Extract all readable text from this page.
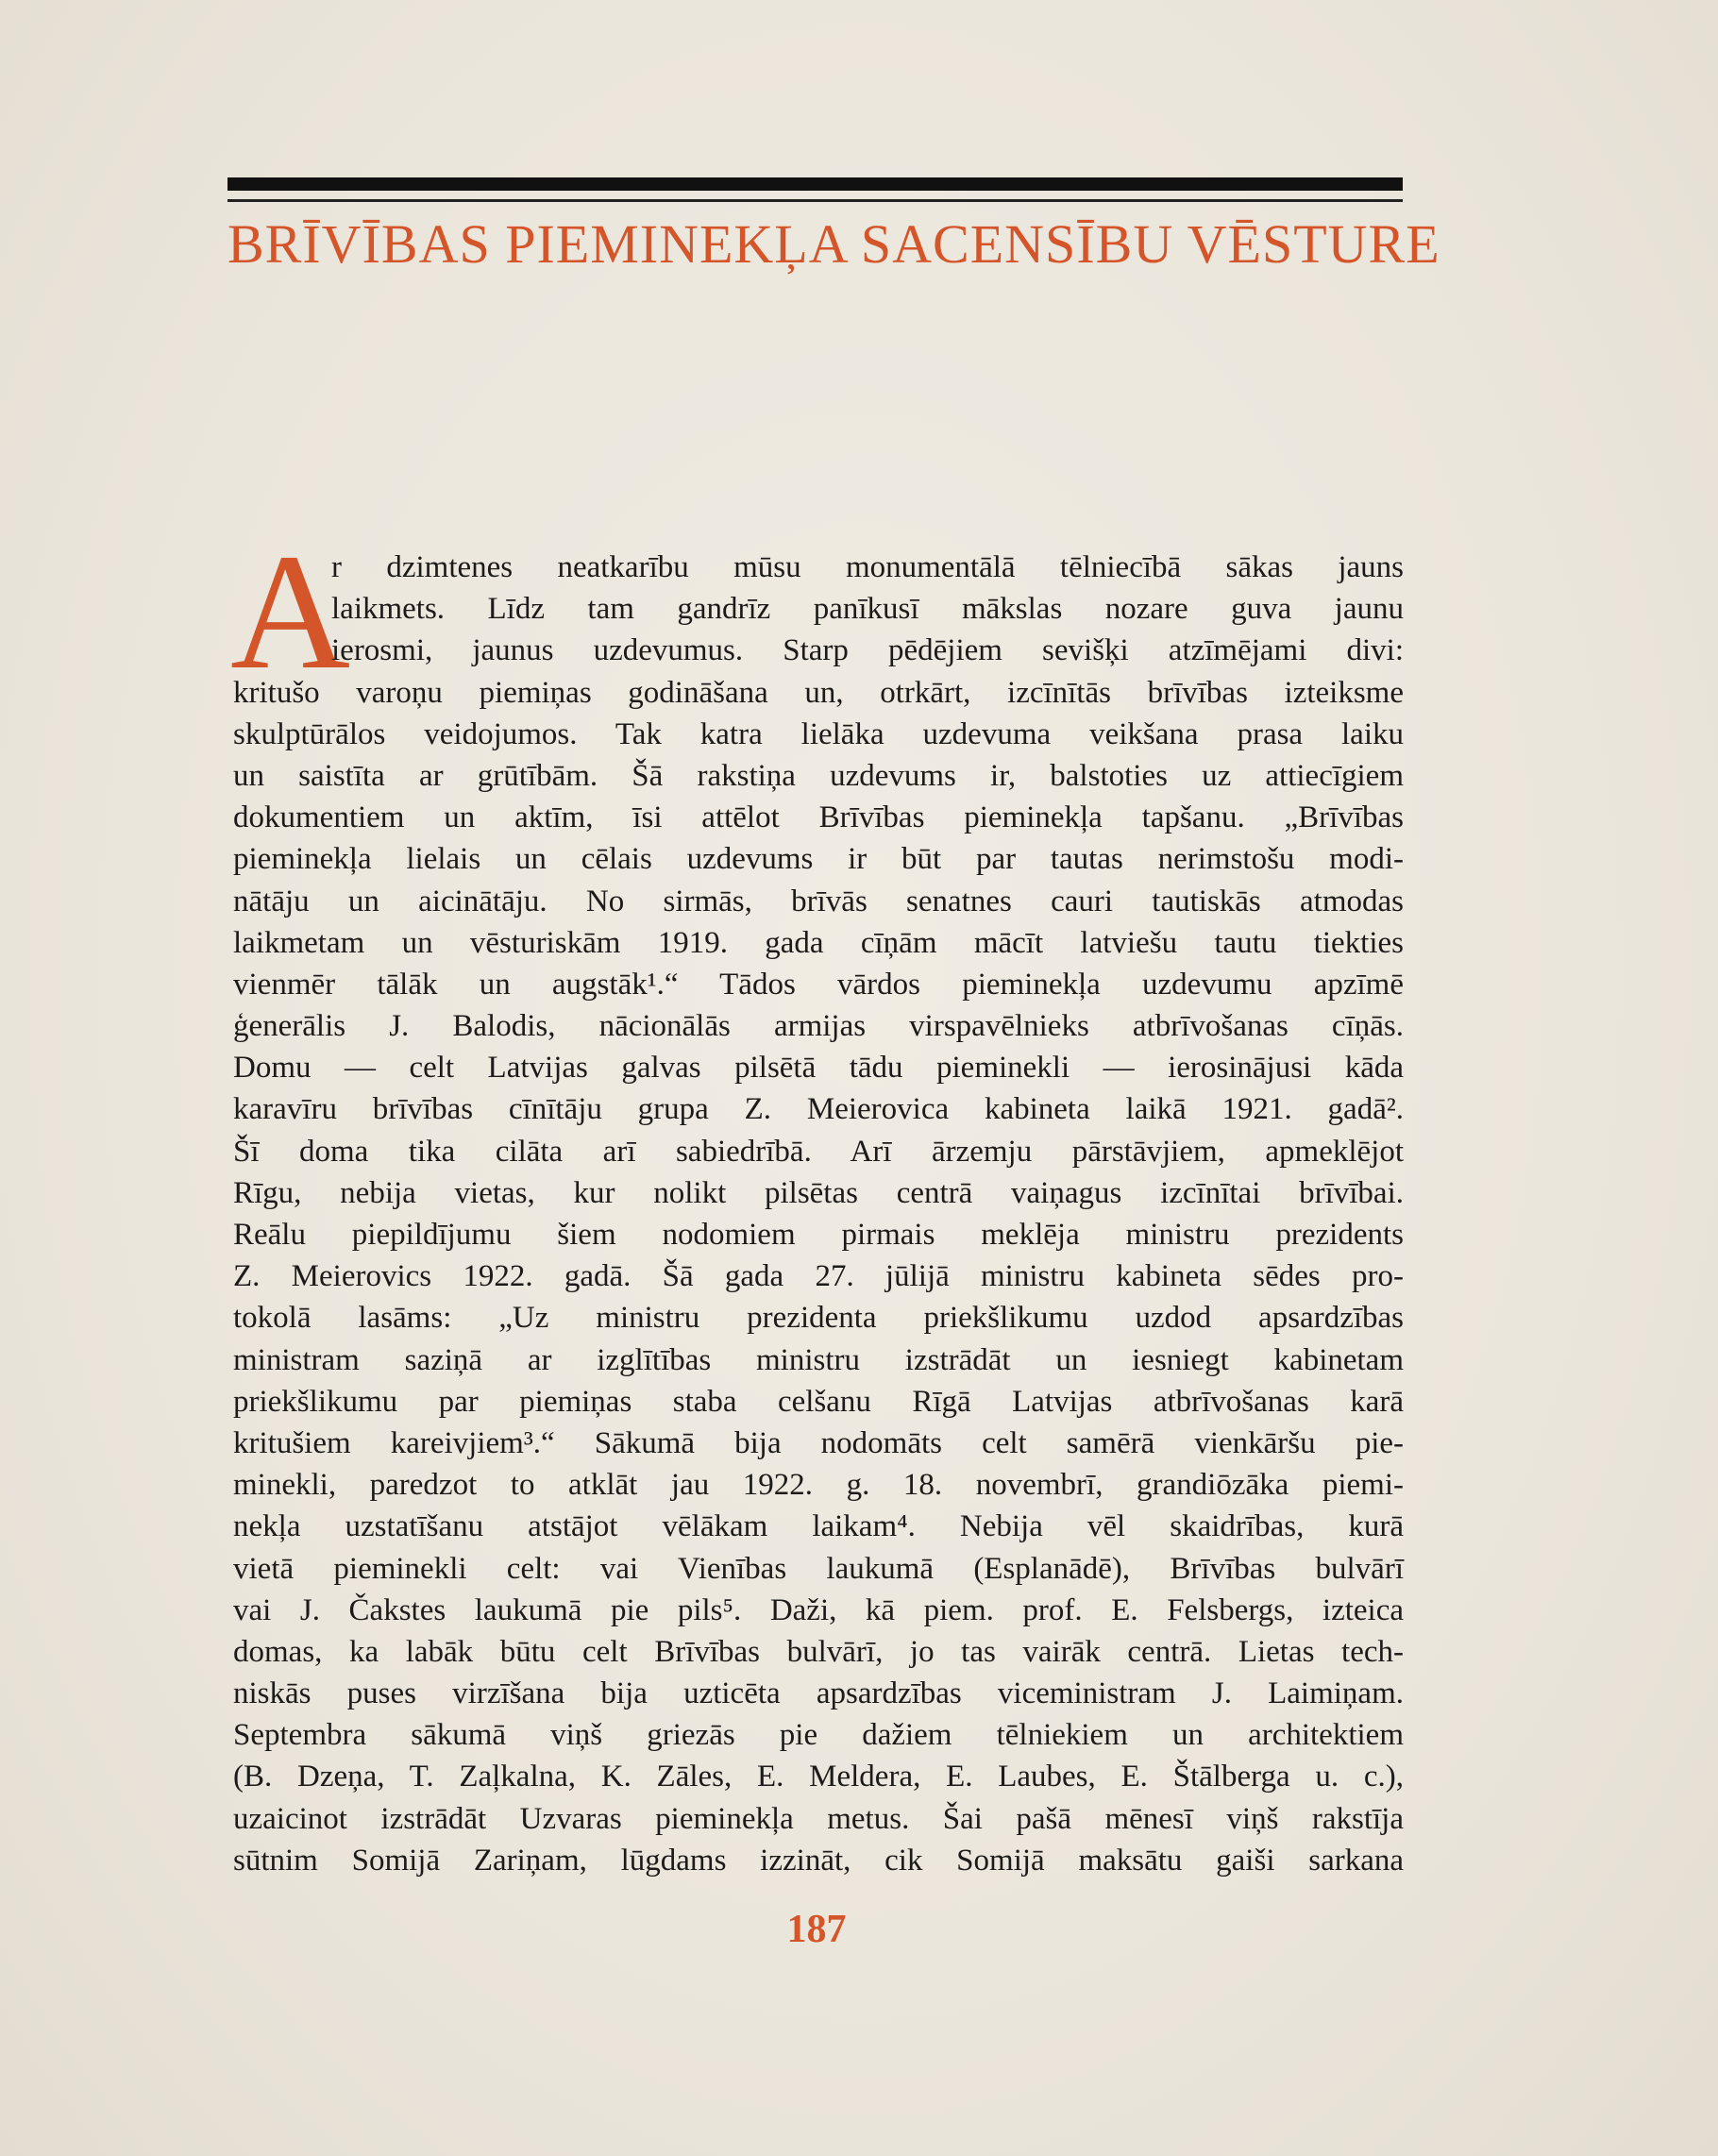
BRĪVĪBAS PIEMINEKĻA SACENSĪBU VĒSTURE
A
r dzimtenes neatkarību mūsu monumentālā tēlniecībā sākas jauns
laikmets. Līdz tam gandrīz panīkusī mākslas nozare guva jaunu
ierosmi, jaunus uzdevumus. Starp pēdējiem sevišķi atzīmējami divi:
kritušo varoņu piemiņas godināšana un, otrkārt, izcīnītās brīvības izteiksme
skulptūrālos veidojumos. Tak katra lielāka uzdevuma veikšana prasa laiku
un saistīta ar grūtībām. Šā rakstiņa uzdevums ir, balstoties uz attiecīgiem
dokumentiem un aktīm, īsi attēlot Brīvības pieminekļa tapšanu. „Brīvības
pieminekļa lielais un cēlais uzdevums ir būt par tautas nerimstošu modi-
nātāju un aicinātāju. No sirmās, brīvās senatnes cauri tautiskās atmodas
laikmetam un vēsturiskām 1919. gada cīņām mācīt latviešu tautu tiekties
vienmēr tālāk un augstāk¹.“ Tādos vārdos pieminekļa uzdevumu apzīmē
ģenerālis J. Balodis, nācionālās armijas virspavēlnieks atbrīvošanas cīņās.
Domu — celt Latvijas galvas pilsētā tādu pieminekli — ierosinājusi kāda
karavīru brīvības cīnītāju grupa Z. Meierovica kabineta laikā 1921. gadā².
Šī doma tika cilāta arī sabiedrībā. Arī ārzemju pārstāvjiem, apmeklējot
Rīgu, nebija vietas, kur nolikt pilsētas centrā vaiņagus izcīnītai brīvībai.
Reālu piepildījumu šiem nodomiem pirmais meklēja ministru prezidents
Z. Meierovics 1922. gadā. Šā gada 27. jūlijā ministru kabineta sēdes pro-
tokolā lasāms: „Uz ministru prezidenta priekšlikumu uzdod apsardzības
ministram saziņā ar izglītības ministru izstrādāt un iesniegt kabinetam
priekšlikumu par piemiņas staba celšanu Rīgā Latvijas atbrīvošanas karā
kritušiem kareivjiem³.“ Sākumā bija nodomāts celt samērā vienkāršu pie-
minekli, paredzot to atklāt jau 1922. g. 18. novembrī, grandiōzāka piemi-
nekļa uzstatīšanu atstājot vēlākam laikam⁴. Nebija vēl skaidrības, kurā
vietā pieminekli celt: vai Vienības laukumā (Esplanādē), Brīvības bulvārī
vai J. Čakstes laukumā pie pils⁵. Daži, kā piem. prof. E. Felsbergs, izteica
domas, ka labāk būtu celt Brīvības bulvārī, jo tas vairāk centrā. Lietas tech-
niskās puses virzīšana bija uzticēta apsardzības viceministram J. Laimiņam.
Septembra sākumā viņš griezās pie dažiem tēlniekiem un architektiem
(B. Dzeņa, T. Zaļkalna, K. Zāles, E. Meldera, E. Laubes, E. Štālberga u. c.),
uzaicinot izstrādāt Uzvaras pieminekļa metus. Šai pašā mēnesī viņš rakstīja
sūtnim Somijā Zariņam, lūgdams izzināt, cik Somijā maksātu gaiši sarkana
187
